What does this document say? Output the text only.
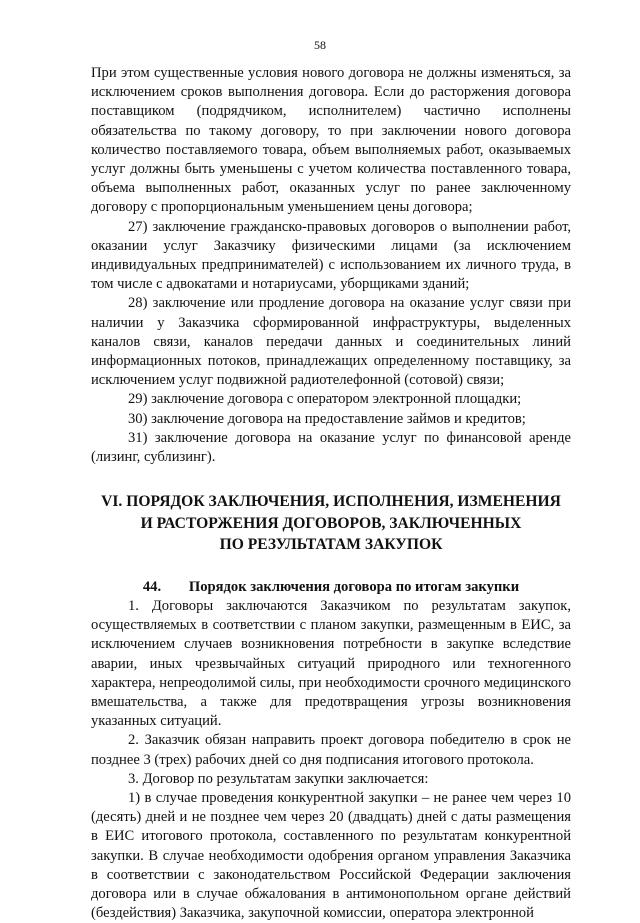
58

При этом существенные условия нового договора не должны изменяться, за исключением сроков выполнения договора. Если до расторжения договора поставщиком (подрядчиком, исполнителем) частично исполнены обязательства по такому договору, то при заключении нового договора количество поставляемого товара, объем выполняемых работ, оказываемых услуг должны быть уменьшены с учетом количества поставленного товара, объема выполненных работ, оказанных услуг по ранее заключенному договору с пропорциональным уменьшением цены договора;

27) заключение гражданско-правовых договоров о выполнении работ, оказании услуг Заказчику физическими лицами (за исключением индивидуальных предпринимателей) с использованием их личного труда, в том числе с адвокатами и нотариусами, уборщиками зданий;

28) заключение или продление договора на оказание услуг связи при наличии у Заказчика сформированной инфраструктуры, выделенных каналов связи, каналов передачи данных и соединительных линий информационных потоков, принадлежащих определенному поставщику, за исключением услуг подвижной радиотелефонной (сотовой) связи;

29) заключение договора с оператором электронной площадки;

30) заключение договора на предоставление займов и кредитов;

31) заключение договора на оказание услуг по финансовой аренде (лизинг, сублизинг).

VI. ПОРЯДОК ЗАКЛЮЧЕНИЯ, ИСПОЛНЕНИЯ, ИЗМЕНЕНИЯ
И РАСТОРЖЕНИЯ ДОГОВОРОВ, ЗАКЛЮЧЕННЫХ
ПО РЕЗУЛЬТАТАМ ЗАКУПОК
44. Порядок заключения договора по итогам закупки

1. Договоры заключаются Заказчиком по результатам закупок, осуществляемых в соответствии с планом закупки, размещенным в ЕИС, за исключением случаев возникновения потребности в закупке вследствие аварии, иных чрезвычайных ситуаций природного или техногенного характера, непреодолимой силы, при необходимости срочного медицинского вмешательства, а также для предотвращения угрозы возникновения указанных ситуаций.

2. Заказчик обязан направить проект договора победителю в срок не позднее 3 (трех) рабочих дней со дня подписания итогового протокола.

3. Договор по результатам закупки заключается:

1) в случае проведения конкурентной закупки – не ранее чем через 10 (десять) дней и не позднее чем через 20 (двадцать) дней с даты размещения в ЕИС итогового протокола, составленного по результатам конкурентной закупки. В случае необходимости одобрения органом управления Заказчика в соответствии с законодательством Российской Федерации заключения договора или в случае обжалования в антимонопольном органе действий (бездействия) Заказчика, закупочной комиссии, оператора электронной
